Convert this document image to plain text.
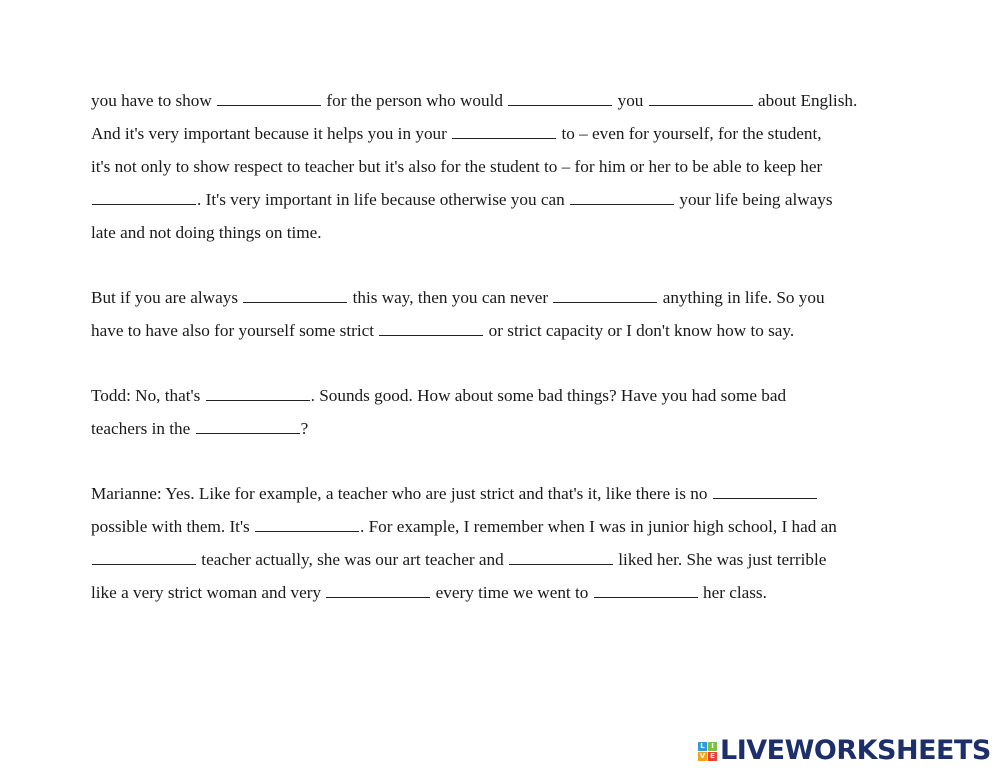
you have to show	for the person who would	you	about English.
And it's very important because it helps you in your	to – even for yourself, for the student,
it's not only to show respect to teacher but it's also for the student to – for him or her to be able to keep her
. It's very important in life because otherwise you can	your life being always
late and not doing things on time.
But if you are always	this way, then you can never	anything in life. So you
have to have also for yourself some strict	or strict capacity or I don't know how to say.
Todd: No, that's	. Sounds good. How about some bad things? Have you had some bad
teachers in the	?
Marianne: Yes. Like for example, a teacher who are just strict and that's it, like there is no
possible with them. It's	. For example, I remember when I was in junior high school, I had an
teacher actually, she was our art teacher and	liked her. She was just terrible
like a very strict woman and very	every time we went to	her class.
L I
V E LIVEWORKSHEETS
